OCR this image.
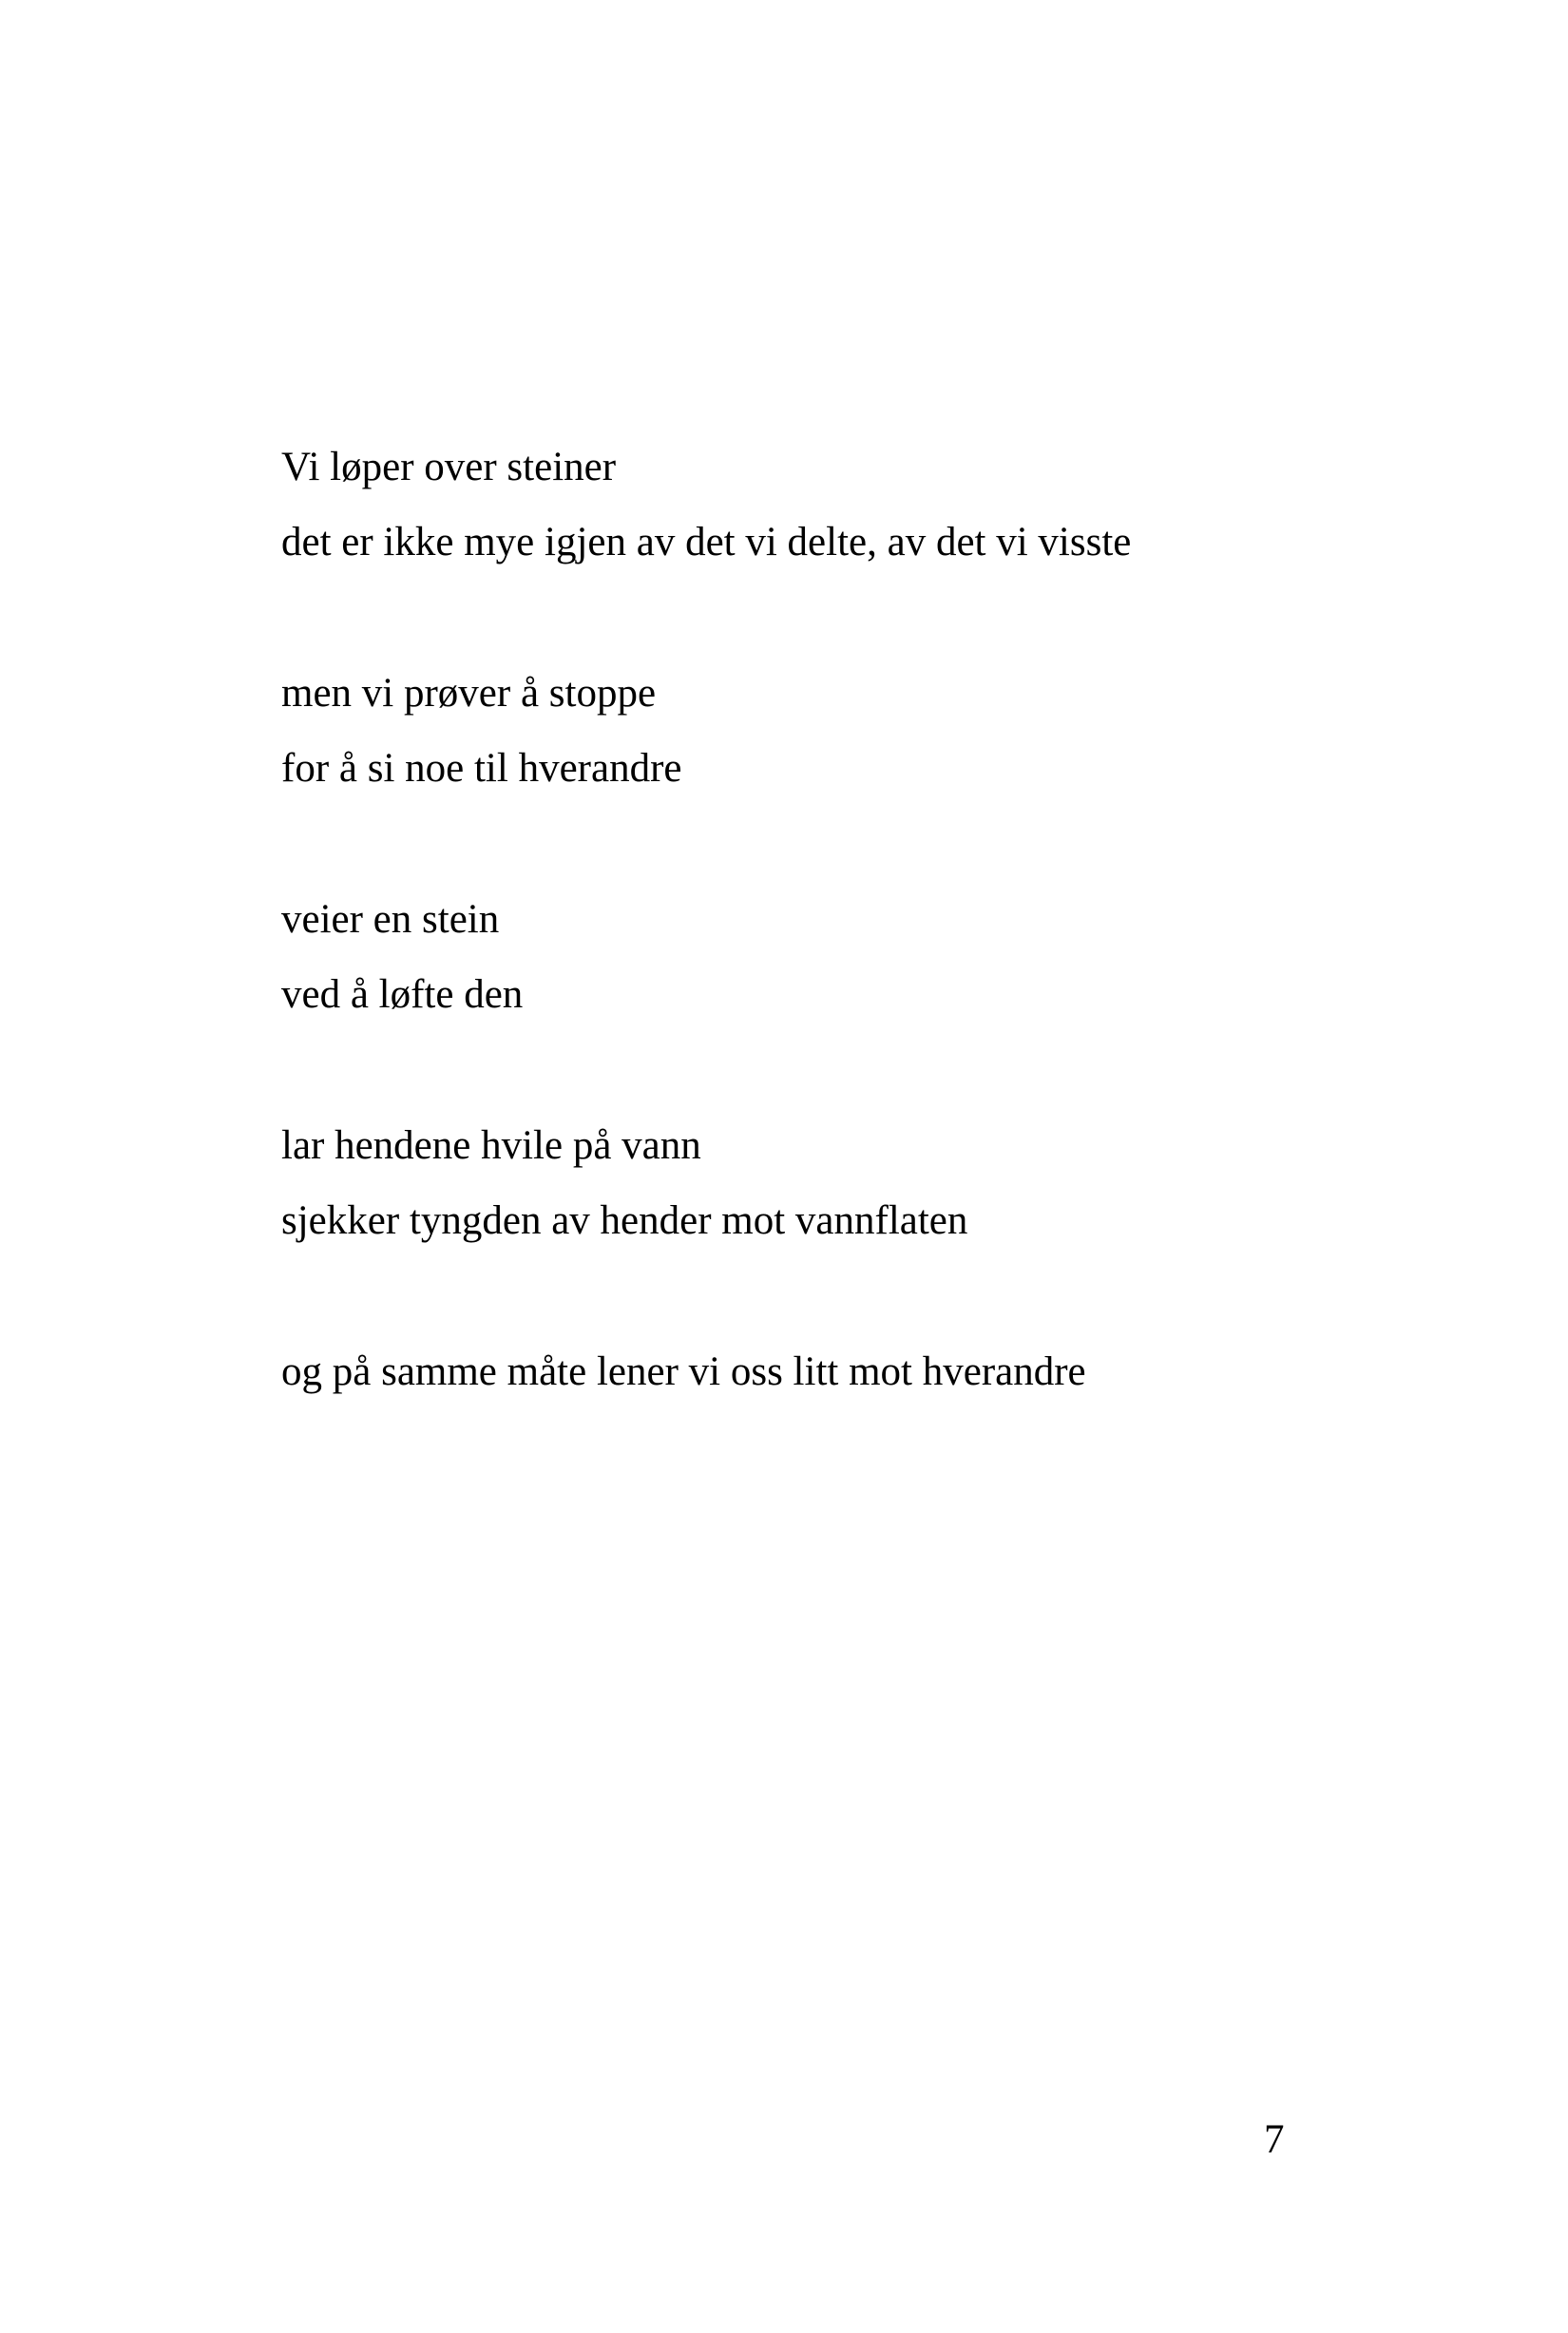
Vi løper over steiner
det er ikke mye igjen av det vi delte, av det vi visste
men vi prøver å stoppe
for å si noe til hverandre
veier en stein
ved å løfte den
lar hendene hvile på vann
sjekker tyngden av hender mot vannflaten
og på samme måte lener vi oss litt mot hverandre
7
